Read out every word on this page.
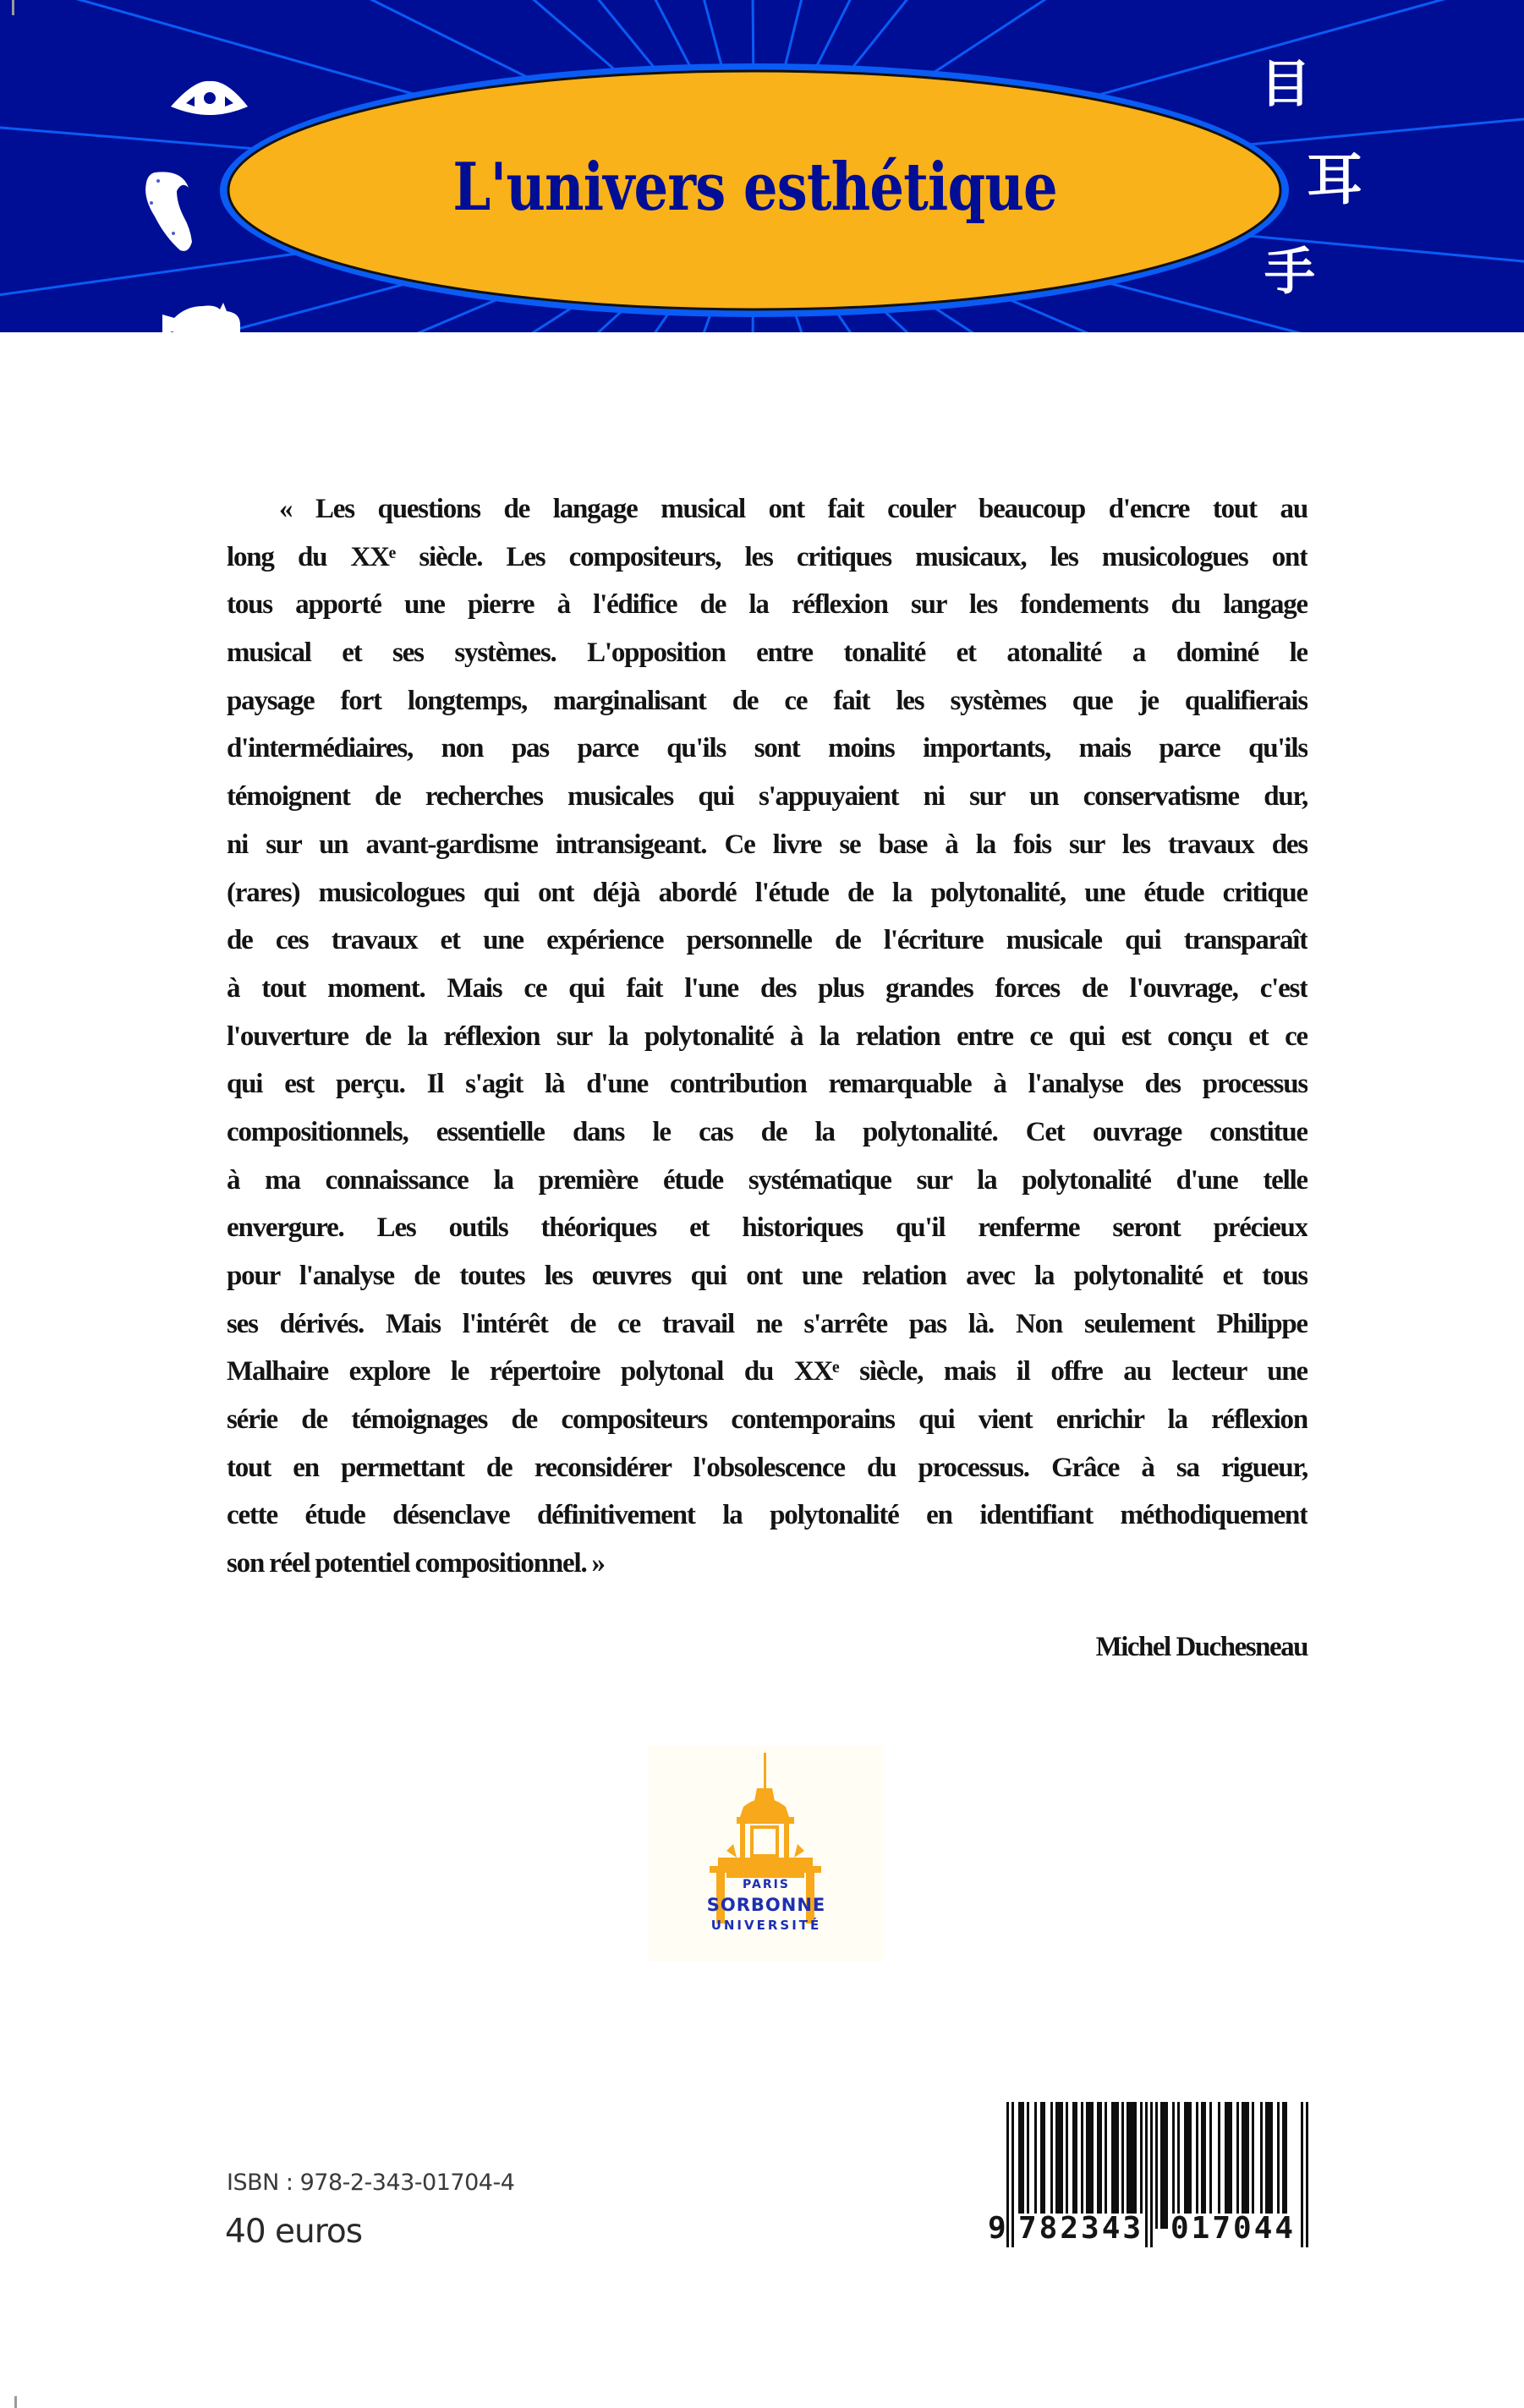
L'univers esthétique
目
耳
手
« Les questions de langage musical ont fait couler beaucoup d'encre tout au
long du XXᵉ siècle. Les compositeurs, les critiques musicaux, les musicologues ont
tous apporté une pierre à l'édifice de la réflexion sur les fondements du langage
musical et ses systèmes. L'opposition entre tonalité et atonalité a dominé le
paysage fort longtemps, marginalisant de ce fait les systèmes que je qualifierais
d'intermédiaires, non pas parce qu'ils sont moins importants, mais parce qu'ils
témoignent de recherches musicales qui s'appuyaient ni sur un conservatisme dur,
ni sur un avant-gardisme intransigeant. Ce livre se base à la fois sur les travaux des
(rares) musicologues qui ont déjà abordé l'étude de la polytonalité, une étude critique
de ces travaux et une expérience personnelle de l'écriture musicale qui transparaît
à tout moment. Mais ce qui fait l'une des plus grandes forces de l'ouvrage, c'est
l'ouverture de la réflexion sur la polytonalité à la relation entre ce qui est conçu et ce
qui est perçu. Il s'agit là d'une contribution remarquable à l'analyse des processus
compositionnels, essentielle dans le cas de la polytonalité. Cet ouvrage constitue
à ma connaissance la première étude systématique sur la polytonalité d'une telle
envergure. Les outils théoriques et historiques qu'il renferme seront précieux
pour l'analyse de toutes les œuvres qui ont une relation avec la polytonalité et tous
ses dérivés. Mais l'intérêt de ce travail ne s'arrête pas là. Non seulement Philippe
Malhaire explore le répertoire polytonal du XXᵉ siècle, mais il offre au lecteur une
série de témoignages de compositeurs contemporains qui vient enrichir la réflexion
tout en permettant de reconsidérer l'obsolescence du processus. Grâce à sa rigueur,
cette étude désenclave définitivement la polytonalité en identifiant méthodiquement
son réel potentiel compositionnel. »
Michel Duchesneau
PARIS
SORBONNE
UNIVERSITÉ
ISBN : 978-2-343-01704-4
40 euros	9 782343 017044
